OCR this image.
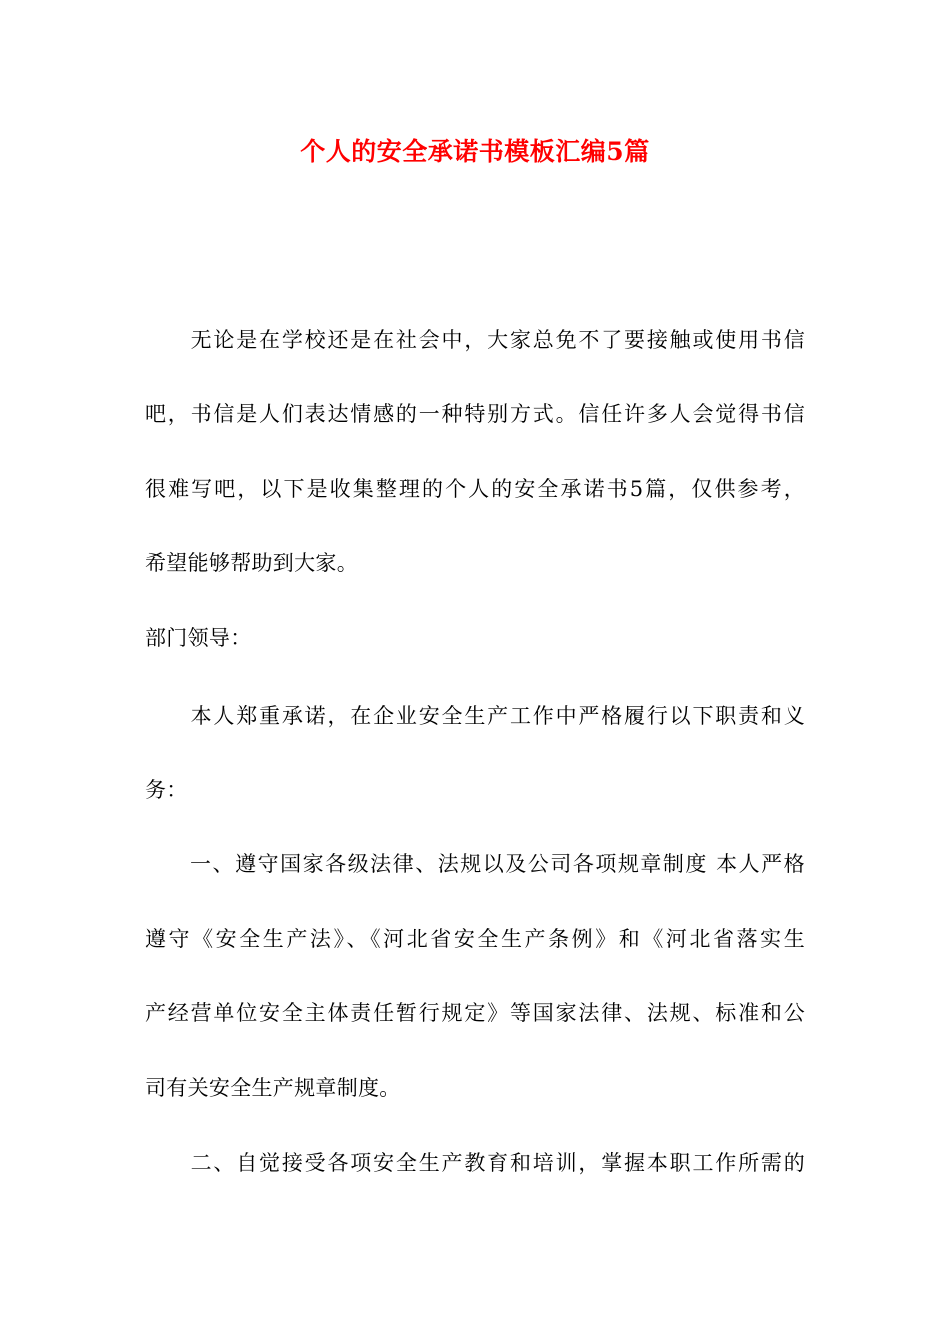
个人的安全承诺书模板汇编5篇
　　无论是在学校还是在社会中，大家总免不了要接触或使用书信
吧，书信是人们表达情感的一种特别方式。信任许多人会觉得书信
很难写吧，以下是收集整理的个人的安全承诺书5篇，仅供参考，
希望能够帮助到大家。
部门领导：
　　本人郑重承诺，在企业安全生产工作中严格履行以下职责和义
务：
　　一、遵守国家各级法律、法规以及公司各项规章制度 本人严格
遵守《安全生产法》、《河北省安全生产条例》和《河北省落实生
产经营单位安全主体责任暂行规定》等国家法律、法规、标准和公
司有关安全生产规章制度。
　　二、自觉接受各项安全生产教育和培训，掌握本职工作所需的
